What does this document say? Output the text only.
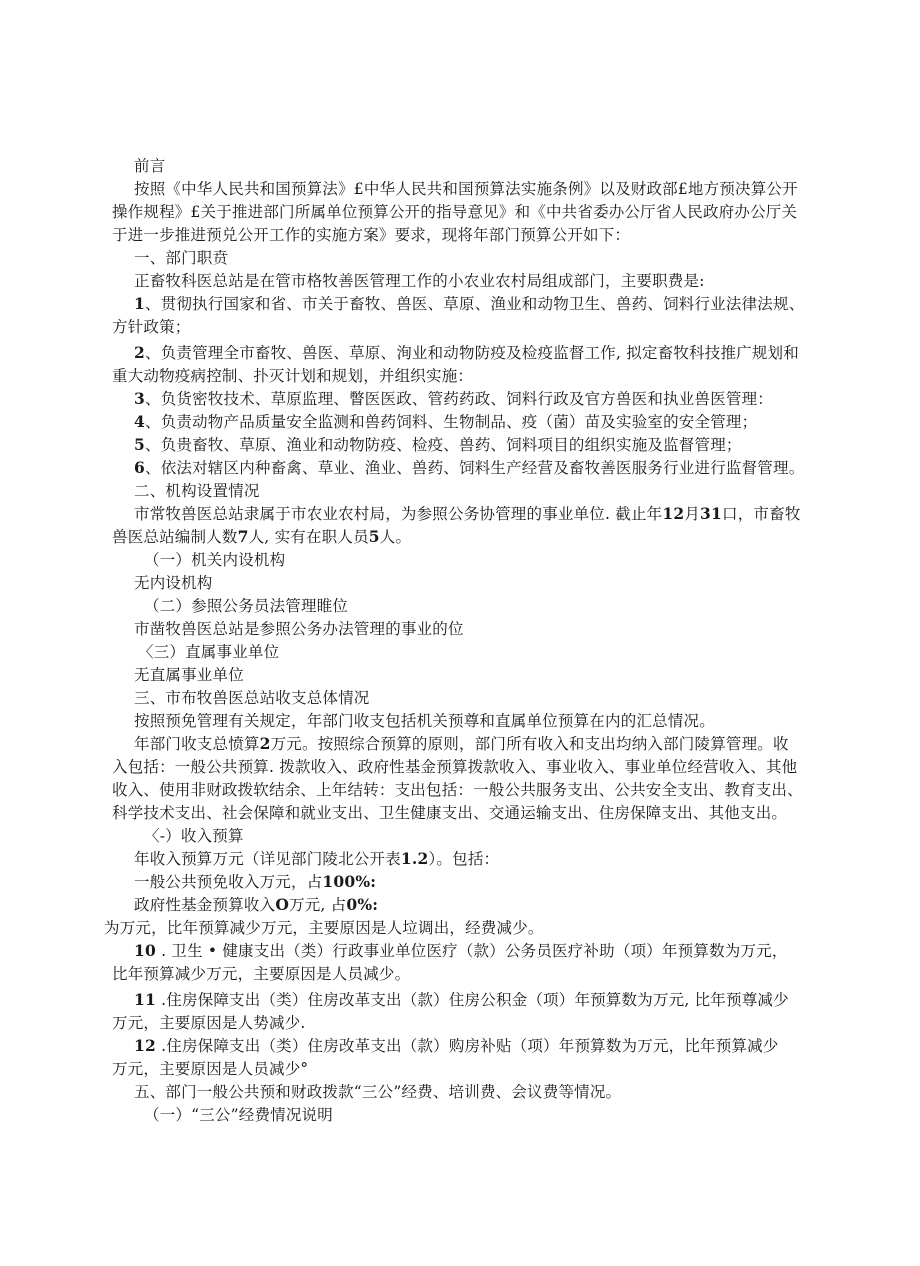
前言
按照《中华人民共和国预算法》£中华人民共和国预算法实施条例》以及财政部£地方预决算公开
操作规程》£关于推进部门所属单位预算公开的指导意见》和《中共省委办公厅省人民政府办公厅关
于进一步推进预兑公开工作的实施方案》要求，现将年部门预算公开如下：
一、部门职贲
正畜牧科医总站是在管市格牧善医管理工作的小农业农村局组成部门，主要职费是:
1、贯彻执行国家和省、市关于畜牧、兽医、草原、渔业和动物卫生、兽药、饲料行业法律法规、
方针政策；
2、负责管理全市畜牧、兽医、草原、洵业和动物防疫及检疫监督工作, 拟定畜牧科技推广规划和
重大动物疫病控制、扑灭计划和规划，并组织实施：
3、负货密牧技术、草原监理、瞥医医政、管药药政、饲料行政及官方兽医和执业兽医管理：
4、负责动物产品质量安全监测和兽药饲料、生物制品、疫（菌）苗及实验室的安全管理；
5、负贵畜牧、草原、渔业和动物防疫、检疫、兽药、饲料项目的组织实施及监督管理；
6、依法对辖区内种畜禽、草业、渔业、兽药、饲料生产经营及畜牧善医服务行业进行监督管理。
二、机构设置情况
市常牧兽医总站隶属于市农业农村局，为参照公务协管理的事业单位. 截止年12月31口，市畜牧
兽医总站编制人数7人, 实有在职人员5人。
（一）机关内设机构
无内设机构
（二）参照公务员法管理睢位
市凿牧兽医总站是参照公务办法管理的事业的位
〈三）直属事业单位
无直属事业单位
三、市布牧兽医总站收支总体情况
按照预免管理有关规定，年部门收支包括机关预尊和直属单位预算在内的汇总情况。
年部门收支总愤算2万元。按照综合预算的原则，部门所有收入和支出均纳入部门陵算管理。收
入包括：一般公共预算. 拨款收入、政府性基金预算拨款收入、事业收入、事业单位经营收入、其他
收入、使用非财政拨软结余、上年结转：支出包括：一般公共服务支出、公共安全支出、教育支出、
科学技术支出、社会保障和就业支出、卫生健康支出、交通运输支出、住房保障支出、其他支出。
〈-）收入预算
年收入预算万元（详见部门陵北公开表1.2）。包括：
一般公共预免收入万元，占100%:
政府性基金预算收入O万元, 占0%:
为万元，比年预算减少万元，主要原因是人垃调出，经费减少。
10 . 卫生 • 健康支出（类）行政事业单位医疗（款）公务员医疗补助（项）年预算数为万元，
比年预算减少万元，主要原因是人员减少。
11 .住房保障支出（类）住房改革支出（款）住房公积金（项）年预算数为万元, 比年预尊减少
万元，主要原因是人势减少.
12 .住房保障支出（类）住房改革支出（款）购房补贴（项）年预算数为万元，比年预算减少
万元，主要原因是人员减少°
五、部门一般公共预和财政拨款“三公”经费、培训费、会议费等情况。
（一）“三公”经费情况说明
